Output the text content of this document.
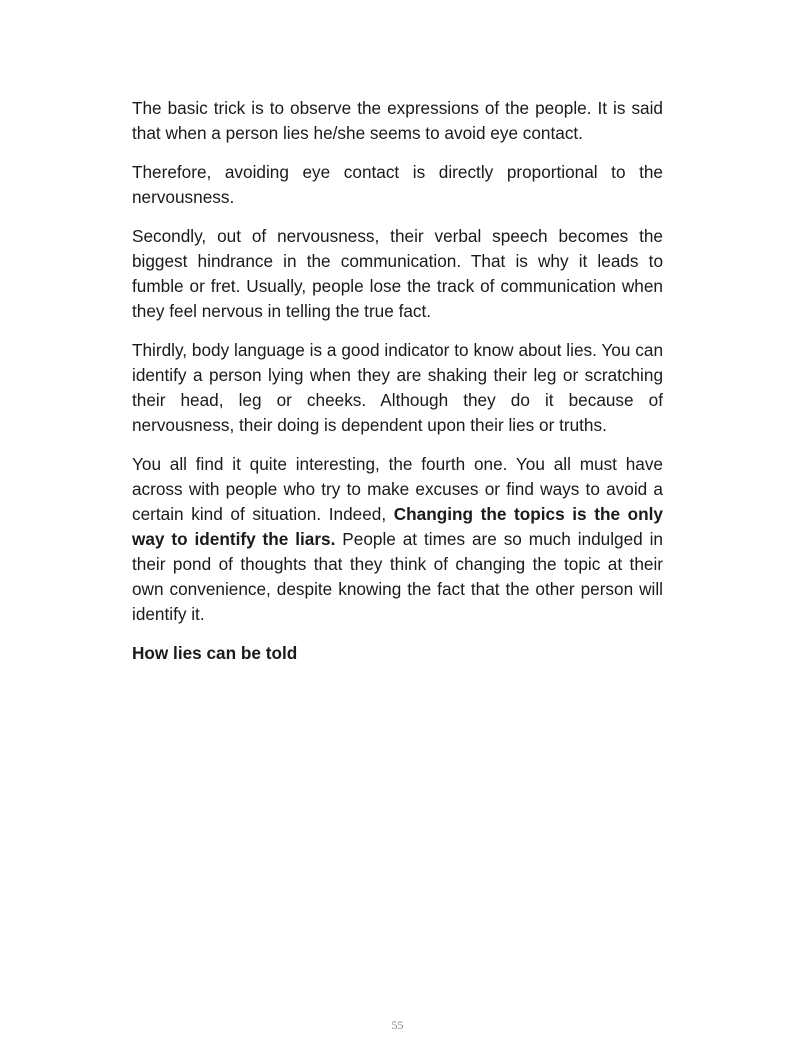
The basic trick is to observe the expressions of the people. It is said that when a person lies he/she seems to avoid eye contact.

Therefore, avoiding eye contact is directly proportional to the nervousness.

Secondly, out of nervousness, their verbal speech becomes the biggest hindrance in the communication. That is why it leads to fumble or fret. Usually, people lose the track of communication when they feel nervous in telling the true fact.

Thirdly, body language is a good indicator to know about lies. You can identify a person lying when they are shaking their leg or scratching their head, leg or cheeks. Although they do it because of nervousness, their doing is dependent upon their lies or truths.

You all find it quite interesting, the fourth one. You all must have across with people who try to make excuses or find ways to avoid a certain kind of situation. Indeed, Changing the topics is the only way to identify the liars. People at times are so much indulged in their pond of thoughts that they think of changing the topic at their own convenience, despite knowing the fact that the other person will identify it.

How lies can be told

55
